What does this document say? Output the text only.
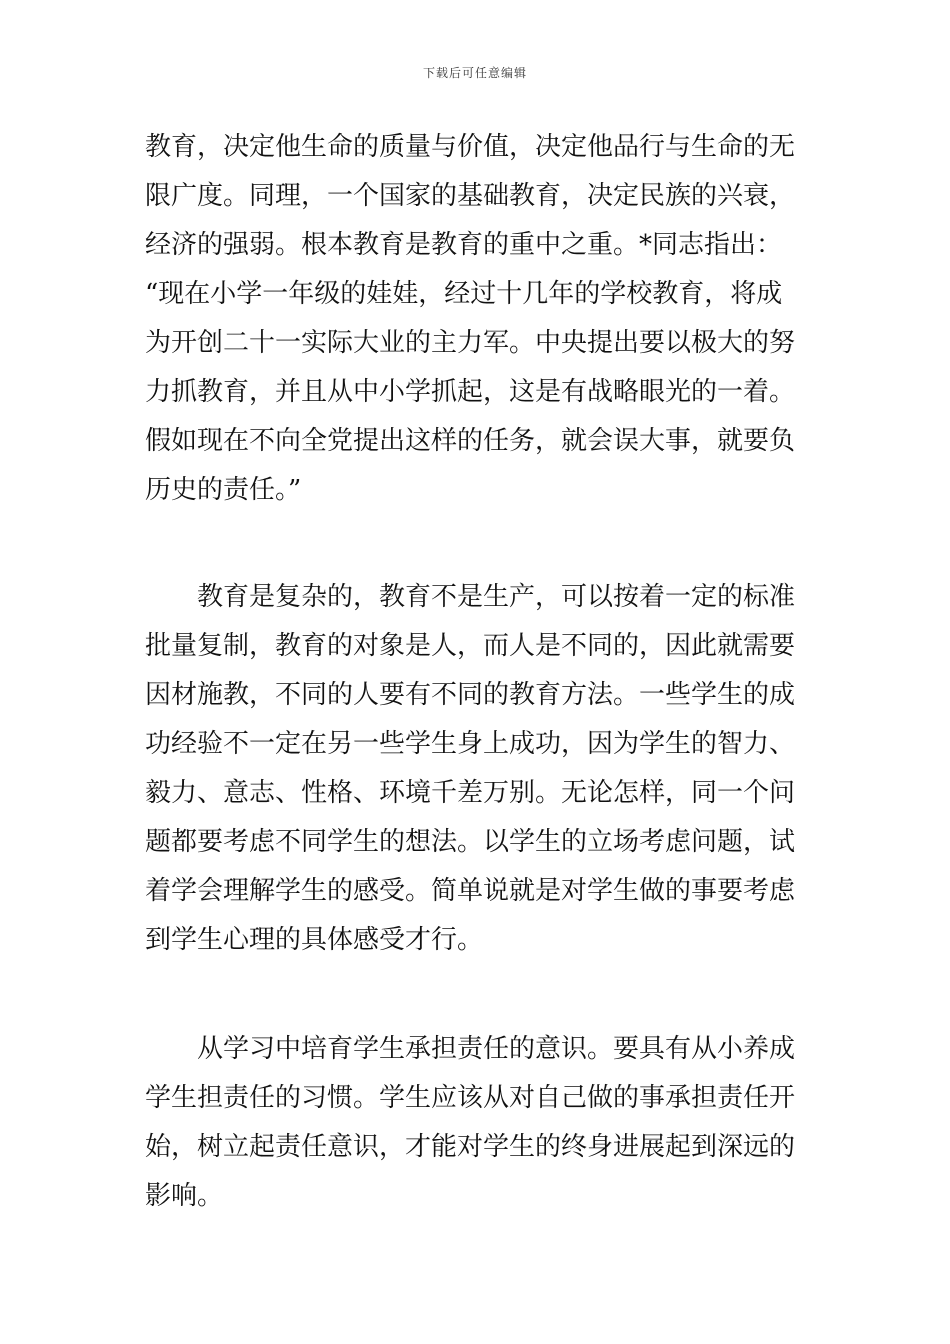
下载后可任意编辑
教育，决定他生命的质量与价值，决定他品行与生命的无
限广度。同理，一个国家的基础教育，决定民族的兴衰，
经济的强弱。根本教育是教育的重中之重。*同志指出：
“现在小学一年级的娃娃，经过十几年的学校教育，将成
为开创二十一实际大业的主力军。中央提出要以极大的努
力抓教育，并且从中小学抓起，这是有战略眼光的一着。
假如现在不向全党提出这样的任务，就会误大事，就要负
历史的责任。”
教育是复杂的，教育不是生产，可以按着一定的标准
批量复制，教育的对象是人，而人是不同的，因此就需要
因材施教，不同的人要有不同的教育方法。一些学生的成
功经验不一定在另一些学生身上成功，因为学生的智力、
毅力、意志、性格、环境千差万别。无论怎样，同一个问
题都要考虑不同学生的想法。以学生的立场考虑问题，试
着学会理解学生的感受。简单说就是对学生做的事要考虑
到学生心理的具体感受才行。
从学习中培育学生承担责任的意识。要具有从小养成
学生担责任的习惯。学生应该从对自己做的事承担责任开
始，树立起责任意识，才能对学生的终身进展起到深远的
影响。
